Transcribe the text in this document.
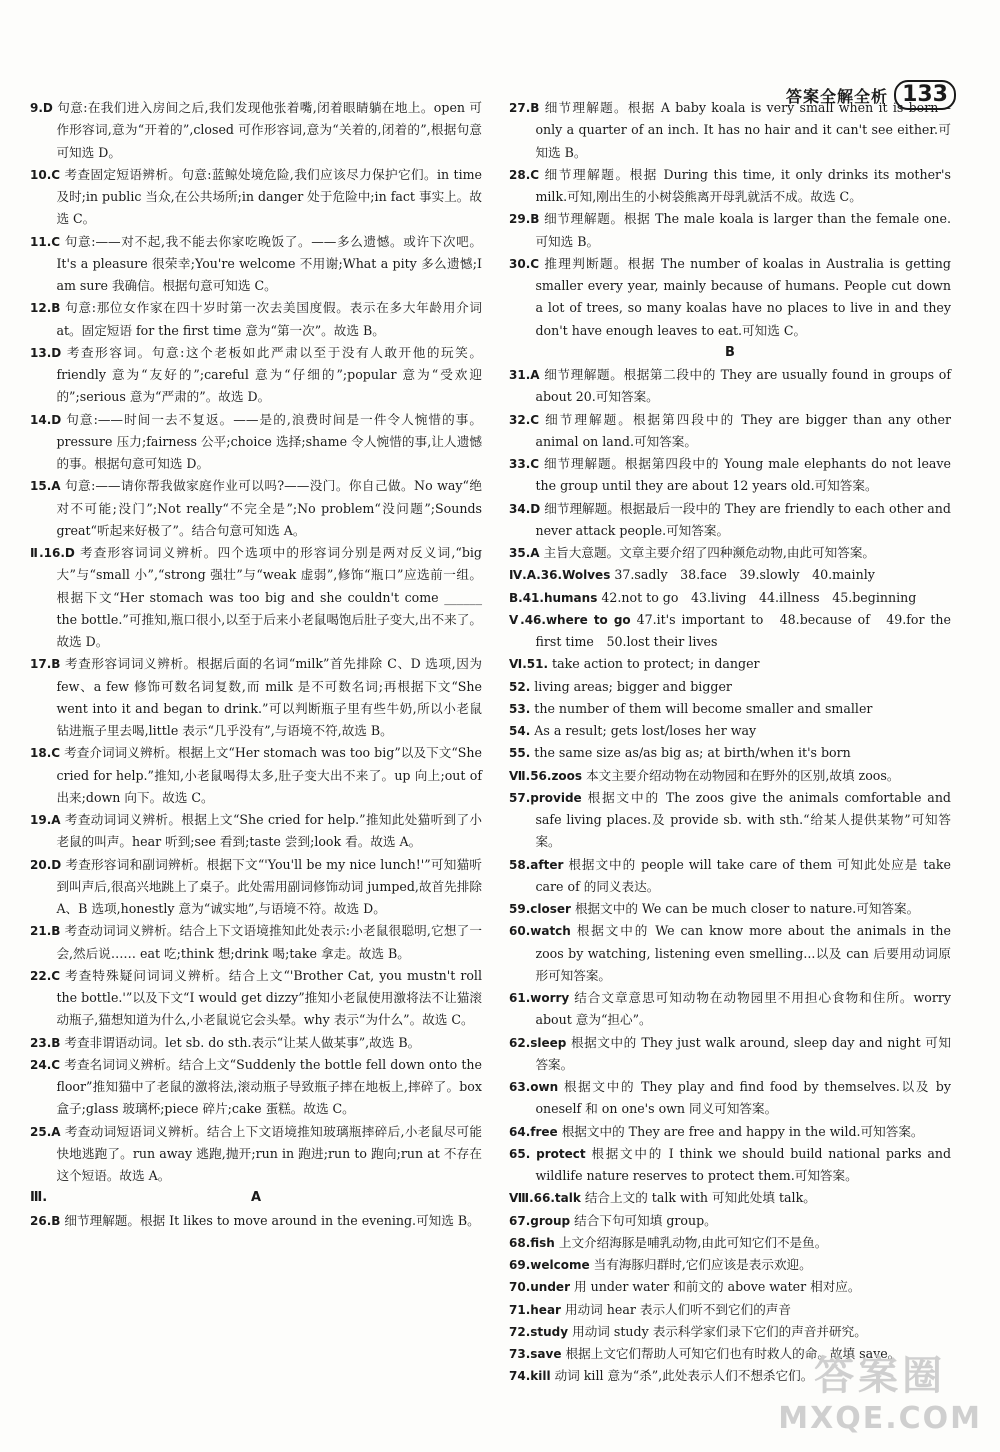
答案全解全析 133

9.D 句意:在我们进入房间之后,我们发现他张着嘴,闭着眼睛躺在地上。open 可作形容词,意为“开着的”,closed 可作形容词,意为“关着的,闭着的”,根据句意可知选 D。

10.C 考查固定短语辨析。句意:蓝鲸处境危险,我们应该尽力保护它们。in time 及时;in public 当众,在公共场所;in danger 处于危险中;in fact 事实上。故选 C。

11.C 句意:——对不起,我不能去你家吃晚饭了。——多么遗憾。或许下次吧。It's a pleasure 很荣幸;You're welcome 不用谢;What a pity 多么遗憾;I am sure 我确信。根据句意可知选 C。

12.B 句意:那位女作家在四十岁时第一次去美国度假。表示在多大年龄用介词 at。固定短语 for the first time 意为“第一次”。故选 B。

13.D 考查形容词。句意:这个老板如此严肃以至于没有人敢开他的玩笑。friendly 意为“友好的”;careful 意为“仔细的”;popular 意为“受欢迎的”;serious 意为“严肃的”。故选 D。

14.D 句意:——时间一去不复返。——是的,浪费时间是一件令人惋惜的事。pressure 压力;fairness 公平;choice 选择;shame 令人惋惜的事,让人遗憾的事。根据句意可知选 D。

15.A 句意:——请你帮我做家庭作业可以吗?——没门。你自己做。No way“绝对不可能;没门”;Not really“不完全是”;No problem“没问题”;Sounds great“听起来好极了”。结合句意可知选 A。

Ⅱ.16.D 考查形容词词义辨析。四个选项中的形容词分别是两对反义词,“big 大”与“small 小”,“strong 强壮”与“weak 虚弱”,修饰“瓶口”应选前一组。根据下文“Her stomach was too big and she couldn't come ______ the bottle.”可推知,瓶口很小,以至于后来小老鼠喝饱后肚子变大,出不来了。故选 D。

17.B 考查形容词词义辨析。根据后面的名词“milk”首先排除 C、D 选项,因为 few、a few 修饰可数名词复数,而 milk 是不可数名词;再根据下文“She went into it and began to drink.”可以判断瓶子里有些牛奶,所以小老鼠钻进瓶子里去喝,little 表示“几乎没有”,与语境不符,故选 B。

18.C 考查介词词义辨析。根据上文“Her stomach was too big”以及下文“She cried for help.”推知,小老鼠喝得太多,肚子变大出不来了。up 向上;out of 出来;down 向下。故选 C。

19.A 考查动词词义辨析。根据上文“She cried for help.”推知此处猫听到了小老鼠的叫声。hear 听到;see 看到;taste 尝到;look 看。故选 A。

20.D 考查形容词和副词辨析。根据下文“'You'll be my nice lunch!'”可知猫听到叫声后,很高兴地跳上了桌子。此处需用副词修饰动词 jumped,故首先排除 A、B 选项,honestly 意为“诚实地”,与语境不符。故选 D。

21.B 考查动词词义辨析。结合上下文语境推知此处表示:小老鼠很聪明,它想了一会,然后说…… eat 吃;think 想;drink 喝;take 拿走。故选 B。

22.C 考查特殊疑问词词义辨析。结合上文“'Brother Cat, you mustn't roll the bottle.'”以及下文“I would get dizzy”推知小老鼠使用激将法不让猫滚动瓶子,猫想知道为什么,小老鼠说它会头晕。why 表示“为什么”。故选 C。

23.B 考查非谓语动词。let sb. do sth.表示“让某人做某事”,故选 B。

24.C 考查名词词义辨析。结合上文“Suddenly the bottle fell down onto the floor”推知猫中了老鼠的激将法,滚动瓶子导致瓶子摔在地板上,摔碎了。box 盒子;glass 玻璃杯;piece 碎片;cake 蛋糕。故选 C。

25.A 考查动词短语词义辨析。结合上下文语境推知玻璃瓶摔碎后,小老鼠尽可能快地逃跑了。run away 逃跑,抛开;run in 跑进;run to 跑向;run at 不存在这个短语。故选 A。

Ⅲ.	A

26.B 细节理解题。根据 It likes to move around in the evening.可知选 B。

27.B 细节理解题。根据 A baby koala is very small when it is born—only a quarter of an inch. It has no hair and it can't see either.可知选 B。

28.C 细节理解题。根据 During this time, it only drinks its mother's milk.可知,刚出生的小树袋熊离开母乳就活不成。故选 C。

29.B 细节理解题。根据 The male koala is larger than the female one.可知选 B。

30.C 推理判断题。根据 The number of koalas in Australia is getting smaller every year, mainly because of humans. People cut down a lot of trees, so many koalas have no places to live in and they don't have enough leaves to eat.可知选 C。

B

31.A 细节理解题。根据第二段中的 They are usually found in groups of about 20.可知答案。

32.C 细节理解题。根据第四段中的 They are bigger than any other animal on land.可知答案。

33.C 细节理解题。根据第四段中的 Young male elephants do not leave the group until they are about 12 years old.可知答案。

34.D 细节理解题。根据最后一段中的 They are friendly to each other and never attack people.可知答案。

35.A 主旨大意题。文章主要介绍了四种濒危动物,由此可知答案。

Ⅳ.A.36.Wolves 37.sadly　38.face　39.slowly　40.mainly

B.41.humans 42.not to go　43.living　44.illness　45.beginning

Ⅴ.46.where to go 47.it's important to　48.because of　49.for the first time　50.lost their lives

Ⅵ.51. take action to protect; in danger

52. living areas; bigger and bigger

53. the number of them will become smaller and smaller

54. As a result; gets lost/loses her way

55. the same size as/as big as; at birth/when it's born

Ⅶ.56.zoos 本文主要介绍动物在动物园和在野外的区别,故填 zoos。

57.provide 根据文中的 The zoos give the animals comfortable and safe living places.及 provide sb. with sth.“给某人提供某物”可知答案。

58.after 根据文中的 people will take care of them 可知此处应是 take care of 的同义表达。

59.closer 根据文中的 We can be much closer to nature.可知答案。

60.watch 根据文中的 We can know more about the animals in the zoos by watching, listening even smelling...以及 can 后要用动词原形可知答案。

61.worry 结合文章意思可知动物在动物园里不用担心食物和住所。worry about 意为“担心”。

62.sleep 根据文中的 They just walk around, sleep day and night 可知答案。

63.own 根据文中的 They play and find food by themselves.以及 by oneself 和 on one's own 同义可知答案。

64.free 根据文中的 They are free and happy in the wild.可知答案。

65. protect 根据文中的 I think we should build national parks and wildlife nature reserves to protect them.可知答案。

Ⅷ.66.talk 结合上文的 talk with 可知此处填 talk。

67.group 结合下句可知填 group。

68.fish 上文介绍海豚是哺乳动物,由此可知它们不是鱼。

69.welcome 当有海豚归群时,它们应该是表示欢迎。

70.under 用 under water 和前文的 above water 相对应。

71.hear 用动词 hear 表示人们听不到它们的声音

72.study 用动词 study 表示科学家们录下它们的声音并研究。

73.save 根据上文它们帮助人可知它们也有时救人的命。故填 save。

74.kill 动词 kill 意为“杀”,此处表示人们不想杀它们。 答案圈
MXQE.COM
